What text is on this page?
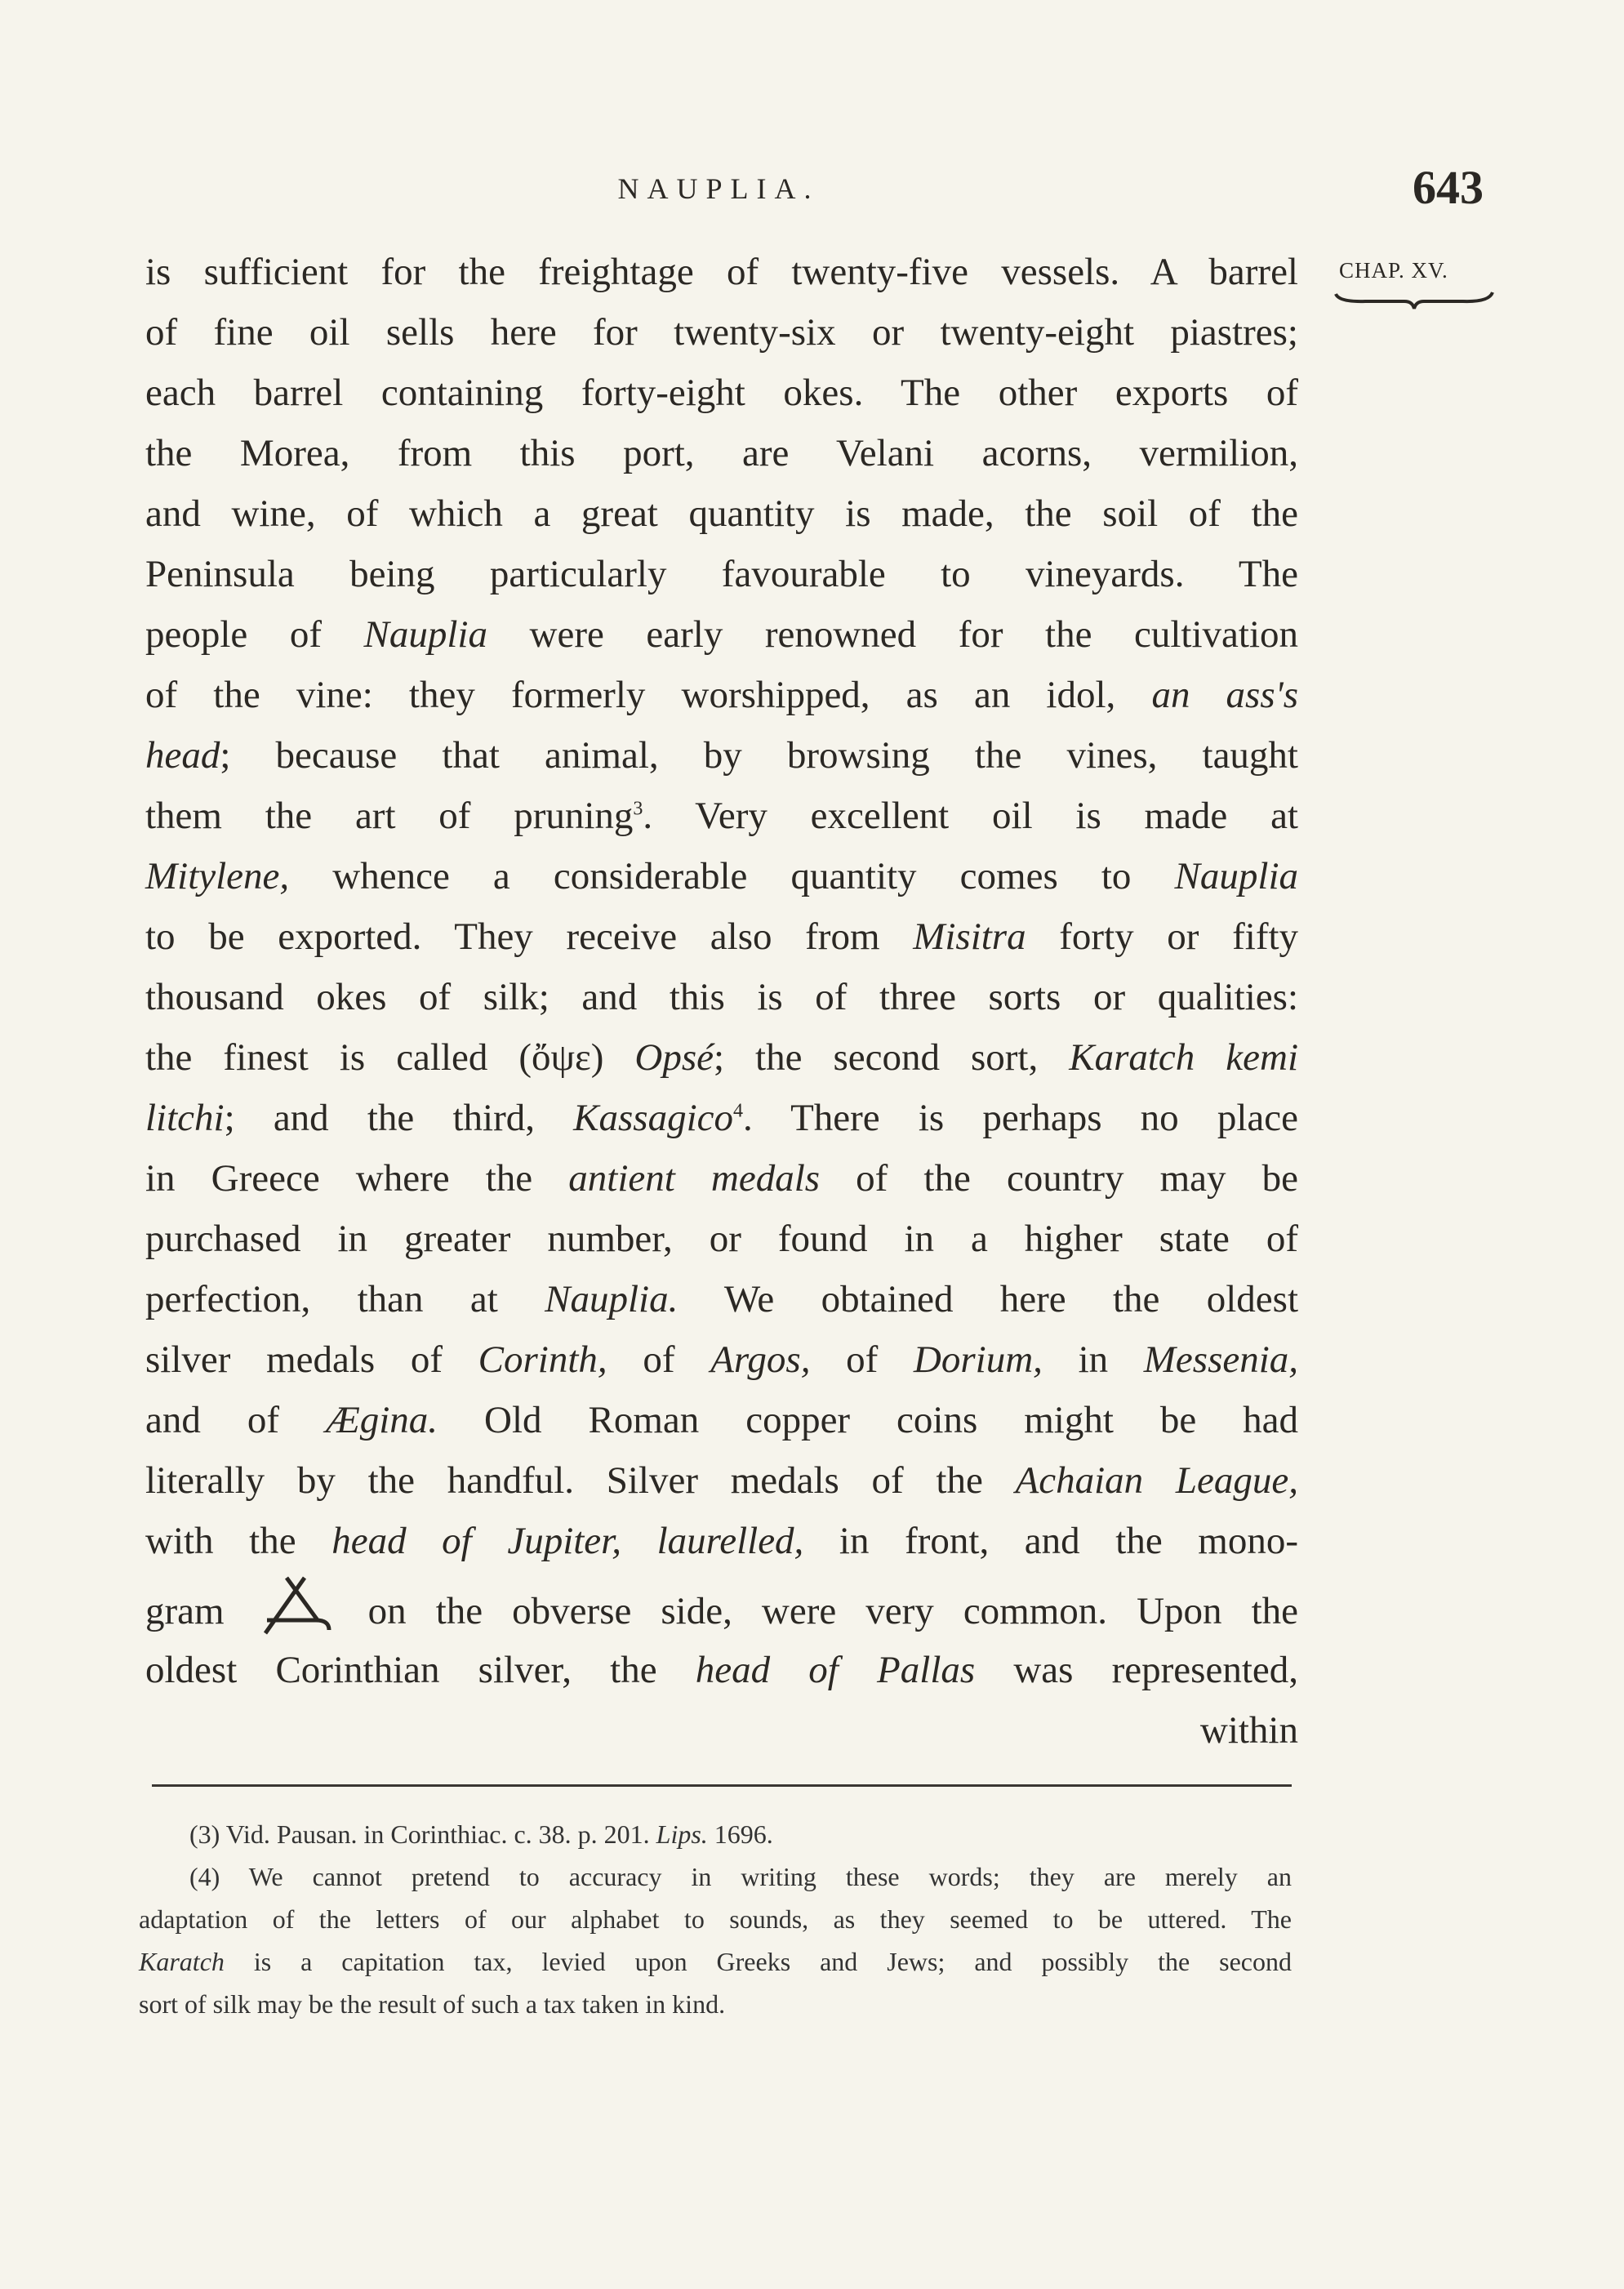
NAUPLIA.	643
CHAP. XV.
is sufficient for the freightage of twenty-five vessels. A barrel
of fine oil sells here for twenty-six or twenty-eight piastres;
each barrel containing forty-eight okes. The other exports of
the Morea, from this port, are Velani acorns, vermilion,
and wine, of which a great quantity is made, the soil of the
Peninsula being particularly favourable to vineyards. The
people of Nauplia were early renowned for the cultivation
of the vine: they formerly worshipped, as an idol, an ass's
head; because that animal, by browsing the vines, taught
them the art of pruning$^3$. Very excellent oil is made at
Mitylene, whence a considerable quantity comes to Nauplia
to be exported. They receive also from Misitra forty or fifty
thousand okes of silk; and this is of three sorts or qualities:
the finest is called (ὄψε) Opsé; the second sort, Karatch kemi
litchi; and the third, Kassagico$^4$. There is perhaps no place
in Greece where the antient medals of the country may be
purchased in greater number, or found in a higher state of
perfection, than at Nauplia. We obtained here the oldest
silver medals of Corinth, of Argos, of Dorium, in Messenia,
and of Ægina. Old Roman copper coins might be had
literally by the handful. Silver medals of the Achaian League,
with the head of Jupiter, laurelled, in front, and the mono-
gram	on the obverse side, were very common. Upon the
oldest Corinthian silver, the head of Pallas was represented,
within
(3) Vid. Pausan. in Corinthiac. c. 38. p. 201. Lips. 1696.
(4) We cannot pretend to accuracy in writing these words; they are merely an
adaptation of the letters of our alphabet to sounds, as they seemed to be uttered. The
Karatch is a capitation tax, levied upon Greeks and Jews; and possibly the second
sort of silk may be the result of such a tax taken in kind.
